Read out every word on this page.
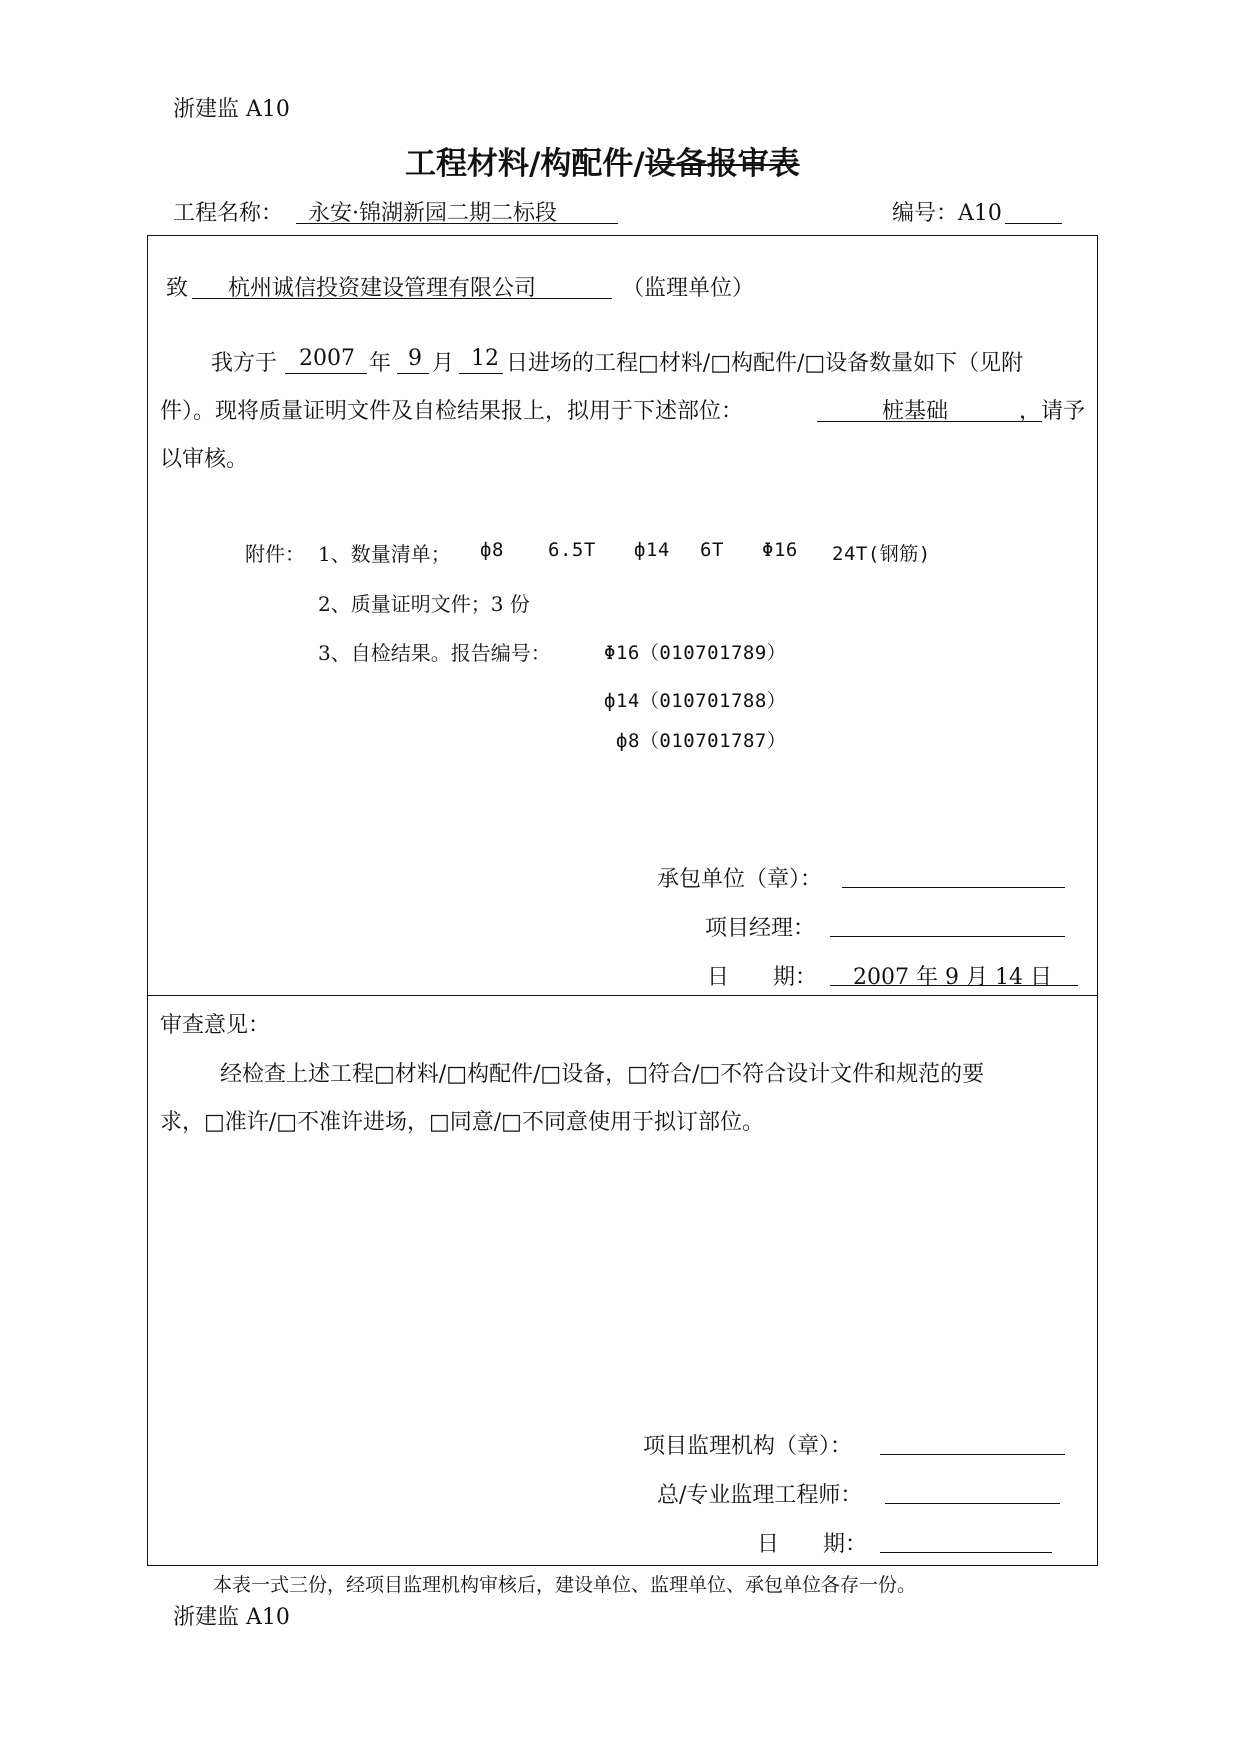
浙建监 A10
工程材料/构配件/设备报审表
工程名称： 永安·锦湖新园二期二标段	编号：A10
致 杭州诚信投资建设管理有限公司	（监理单位）
我方于 2007 年 9 月 12 日进场的工程□材料/□构配件/□设备数量如下（见附
件）。现将质量证明文件及自检结果报上，拟用于下述部位：	桩基础	，请予
以审核。
附件： 1、数量清单； ф8 6.5T ф14 6T Φ16 24T(钢筋)
2、质量证明文件；3 份
3、自检结果。报告编号：	Φ16（010701789）
ф14（010701788）
ф8（010701787）
承包单位（章）：
项目经理：
日　　期： 2007 年 9 月 14 日
审查意见：
经检查上述工程□材料/□构配件/□设备，□符合/□不符合设计文件和规范的要
求，□准许/□不准许进场，□同意/□不同意使用于拟订部位。
项目监理机构（章）：
总/专业监理工程师：
日　　期：
本表一式三份，经项目监理机构审核后，建设单位、监理单位、承包单位各存一份。
浙建监 A10
